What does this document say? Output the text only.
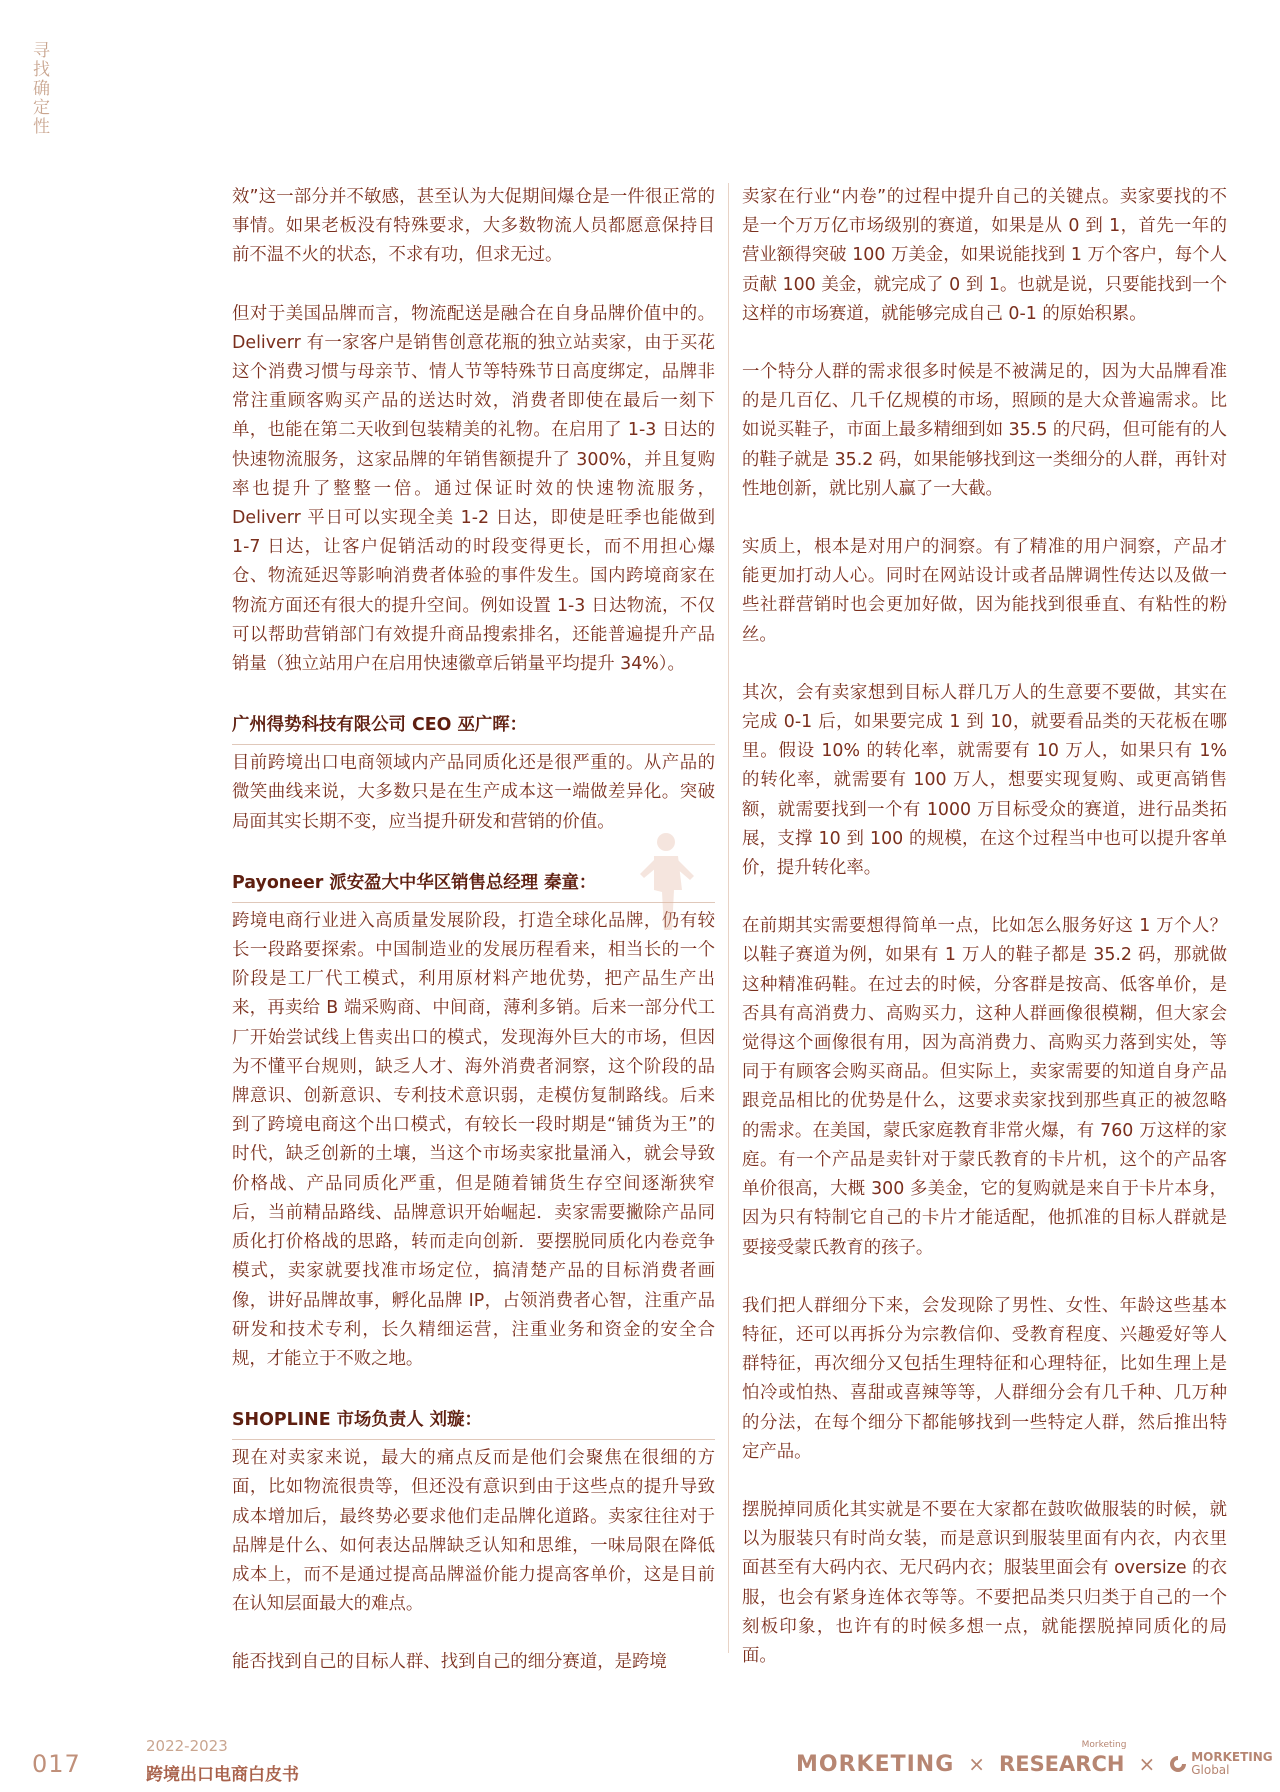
寻找确定性

效”这一部分并不敏感，甚至认为大促期间爆仓是一件很正常的事情。如果老板没有特殊要求，大多数物流人员都愿意保持目前不温不火的状态，不求有功，但求无过。

但对于美国品牌而言，物流配送是融合在自身品牌价值中的。Deliverr 有一家客户是销售创意花瓶的独立站卖家，由于买花这个消费习惯与母亲节、情人节等特殊节日高度绑定，品牌非常注重顾客购买产品的送达时效，消费者即使在最后一刻下单，也能在第二天收到包装精美的礼物。在启用了 1-3 日达的快速物流服务，这家品牌的年销售额提升了 300%，并且复购率也提升了整整一倍。通过保证时效的快速物流服务，Deliverr 平日可以实现全美 1-2 日达，即使是旺季也能做到 1-7 日达，让客户促销活动的时段变得更长，而不用担心爆仓、物流延迟等影响消费者体验的事件发生。国内跨境商家在物流方面还有很大的提升空间。例如设置 1-3 日达物流，不仅可以帮助营销部门有效提升商品搜索排名，还能普遍提升产品销量（独立站用户在启用快速徽章后销量平均提升 34%）。

广州得势科技有限公司 CEO 巫广晖：

目前跨境出口电商领域内产品同质化还是很严重的。从产品的微笑曲线来说，大多数只是在生产成本这一端做差异化。突破局面其实长期不变，应当提升研发和营销的价值。

Payoneer 派安盈大中华区销售总经理 秦童：

跨境电商行业进入高质量发展阶段，打造全球化品牌，仍有较长一段路要探索。中国制造业的发展历程看来，相当长的一个阶段是工厂代工模式，利用原材料产地优势，把产品生产出来，再卖给 B 端采购商、中间商，薄利多销。后来一部分代工厂开始尝试线上售卖出口的模式，发现海外巨大的市场，但因为不懂平台规则，缺乏人才、海外消费者洞察，这个阶段的品牌意识、创新意识、专利技术意识弱，走模仿复制路线。后来到了跨境电商这个出口模式，有较长一段时期是“铺货为王”的时代，缺乏创新的土壤，当这个市场卖家批量涌入，就会导致价格战、产品同质化严重，但是随着铺货生存空间逐渐狭窄后，当前精品路线、品牌意识开始崛起．卖家需要撇除产品同质化打价格战的思路，转而走向创新．要摆脱同质化内卷竞争模式，卖家就要找准市场定位，搞清楚产品的目标消费者画像，讲好品牌故事，孵化品牌 IP，占领消费者心智，注重产品研发和技术专利，长久精细运营，注重业务和资金的安全合规，才能立于不败之地。

SHOPLINE 市场负责人 刘璇：

现在对卖家来说，最大的痛点反而是他们会聚焦在很细的方面，比如物流很贵等，但还没有意识到由于这些点的提升导致成本增加后，最终势必要求他们走品牌化道路。卖家往往对于品牌是什么、如何表达品牌缺乏认知和思维，一味局限在降低成本上，而不是通过提高品牌溢价能力提高客单价，这是目前在认知层面最大的难点。

能否找到自己的目标人群、找到自己的细分赛道，是跨境

卖家在行业“内卷”的过程中提升自己的关键点。卖家要找的不是一个万万亿市场级别的赛道，如果是从 0 到 1，首先一年的营业额得突破 100 万美金，如果说能找到 1 万个客户，每个人贡献 100 美金，就完成了 0 到 1。也就是说，只要能找到一个这样的市场赛道，就能够完成自己 0-1 的原始积累。

一个特分人群的需求很多时候是不被满足的，因为大品牌看准的是几百亿、几千亿规模的市场，照顾的是大众普遍需求。比如说买鞋子，市面上最多精细到如 35.5 的尺码，但可能有的人的鞋子就是 35.2 码，如果能够找到这一类细分的人群，再针对性地创新，就比别人赢了一大截。

实质上，根本是对用户的洞察。有了精准的用户洞察，产品才能更加打动人心。同时在网站设计或者品牌调性传达以及做一些社群营销时也会更加好做，因为能找到很垂直、有粘性的粉丝。

其次，会有卖家想到目标人群几万人的生意要不要做，其实在完成 0-1 后，如果要完成 1 到 10，就要看品类的天花板在哪里。假设 10% 的转化率，就需要有 10 万人，如果只有 1% 的转化率，就需要有 100 万人，想要实现复购、或更高销售额，就需要找到一个有 1000 万目标受众的赛道，进行品类拓展，支撑 10 到 100 的规模，在这个过程当中也可以提升客单价，提升转化率。

在前期其实需要想得简单一点，比如怎么服务好这 1 万个人？以鞋子赛道为例，如果有 1 万人的鞋子都是 35.2 码，那就做这种精准码鞋。在过去的时候，分客群是按高、低客单价，是否具有高消费力、高购买力，这种人群画像很模糊，但大家会觉得这个画像很有用，因为高消费力、高购买力落到实处，等同于有顾客会购买商品。但实际上，卖家需要的知道自身产品跟竞品相比的优势是什么，这要求卖家找到那些真正的被忽略的需求。在美国，蒙氏家庭教育非常火爆，有 760 万这样的家庭。有一个产品是卖针对于蒙氏教育的卡片机，这个的产品客单价很高，大概 300 多美金，它的复购就是来自于卡片本身，因为只有特制它自己的卡片才能适配，他抓准的目标人群就是要接受蒙氏教育的孩子。

我们把人群细分下来，会发现除了男性、女性、年龄这些基本特征，还可以再拆分为宗教信仰、受教育程度、兴趣爱好等人群特征，再次细分又包括生理特征和心理特征，比如生理上是怕冷或怕热、喜甜或喜辣等等，人群细分会有几千种、几万种的分法，在每个细分下都能够找到一些特定人群，然后推出特定产品。

摆脱掉同质化其实就是不要在大家都在鼓吹做服装的时候，就以为服装只有时尚女装，而是意识到服装里面有内衣，内衣里面甚至有大码内衣、无尺码内衣；服装里面会有 oversize 的衣服，也会有紧身连体衣等等。不要把品类只归类于自己的一个刻板印象，也许有的时候多想一点，就能摆脱掉同质化的局面。

017
2022-2023
跨境出口电商白皮书	MORKETING × RESEARCH
Morketing
×	MORKETING
Global
